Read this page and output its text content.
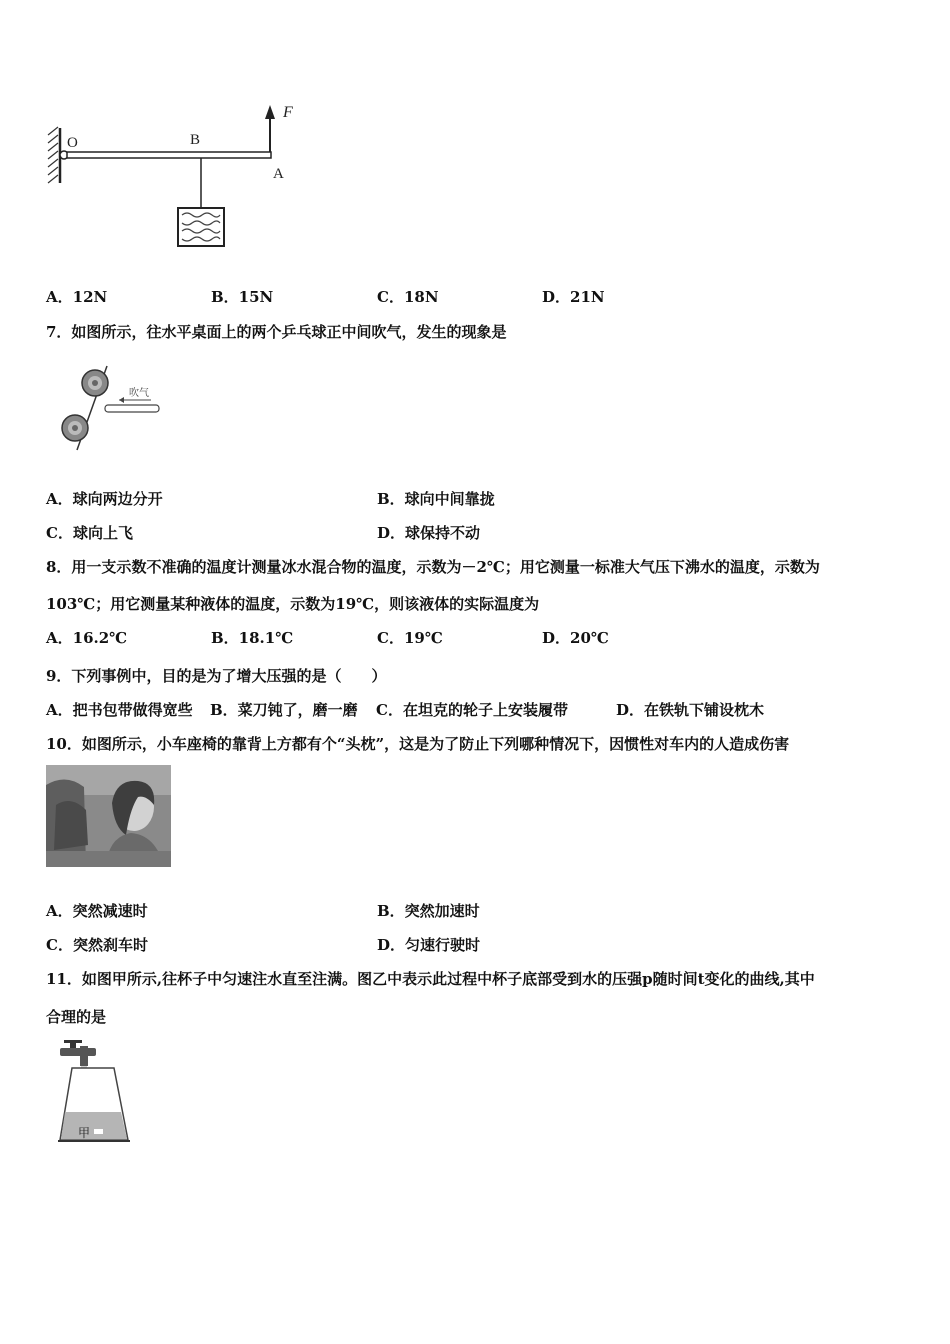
O	B
A
F
A．12N	B．15N	C．18N	D．21N
7．如图所示，往水平桌面上的两个乒乓球正中间吹气，发生的现象是
吹气
A．球向两边分开	B．球向中间靠拢
C．球向上飞	D．球保持不动
8．用一支示数不准确的温度计测量冰水混合物的温度，示数为－2℃；用它测量一标准大气压下沸水的温度，示数为
103℃；用它测量某种液体的温度，示数为19℃，则该液体的实际温度为
A．16.2℃	B．18.1℃	C．19℃	D．20℃
9．下列事例中，目的是为了增大压强的是（　　）
A．把书包带做得宽些 B．菜刀钝了，磨一磨 C．在坦克的轮子上安装履带	D．在铁轨下铺设枕木
10．如图所示，小车座椅的靠背上方都有个“头枕”，这是为了防止下列哪种情况下，因惯性对车内的人造成伤害
A．突然减速时	B．突然加速时
C．突然刹车时	D．匀速行驶时
11．如图甲所示,往杯子中匀速注水直至注满。图乙中表示此过程中杯子底部受到水的压强p随时间t变化的曲线,其中
合理的是
甲
